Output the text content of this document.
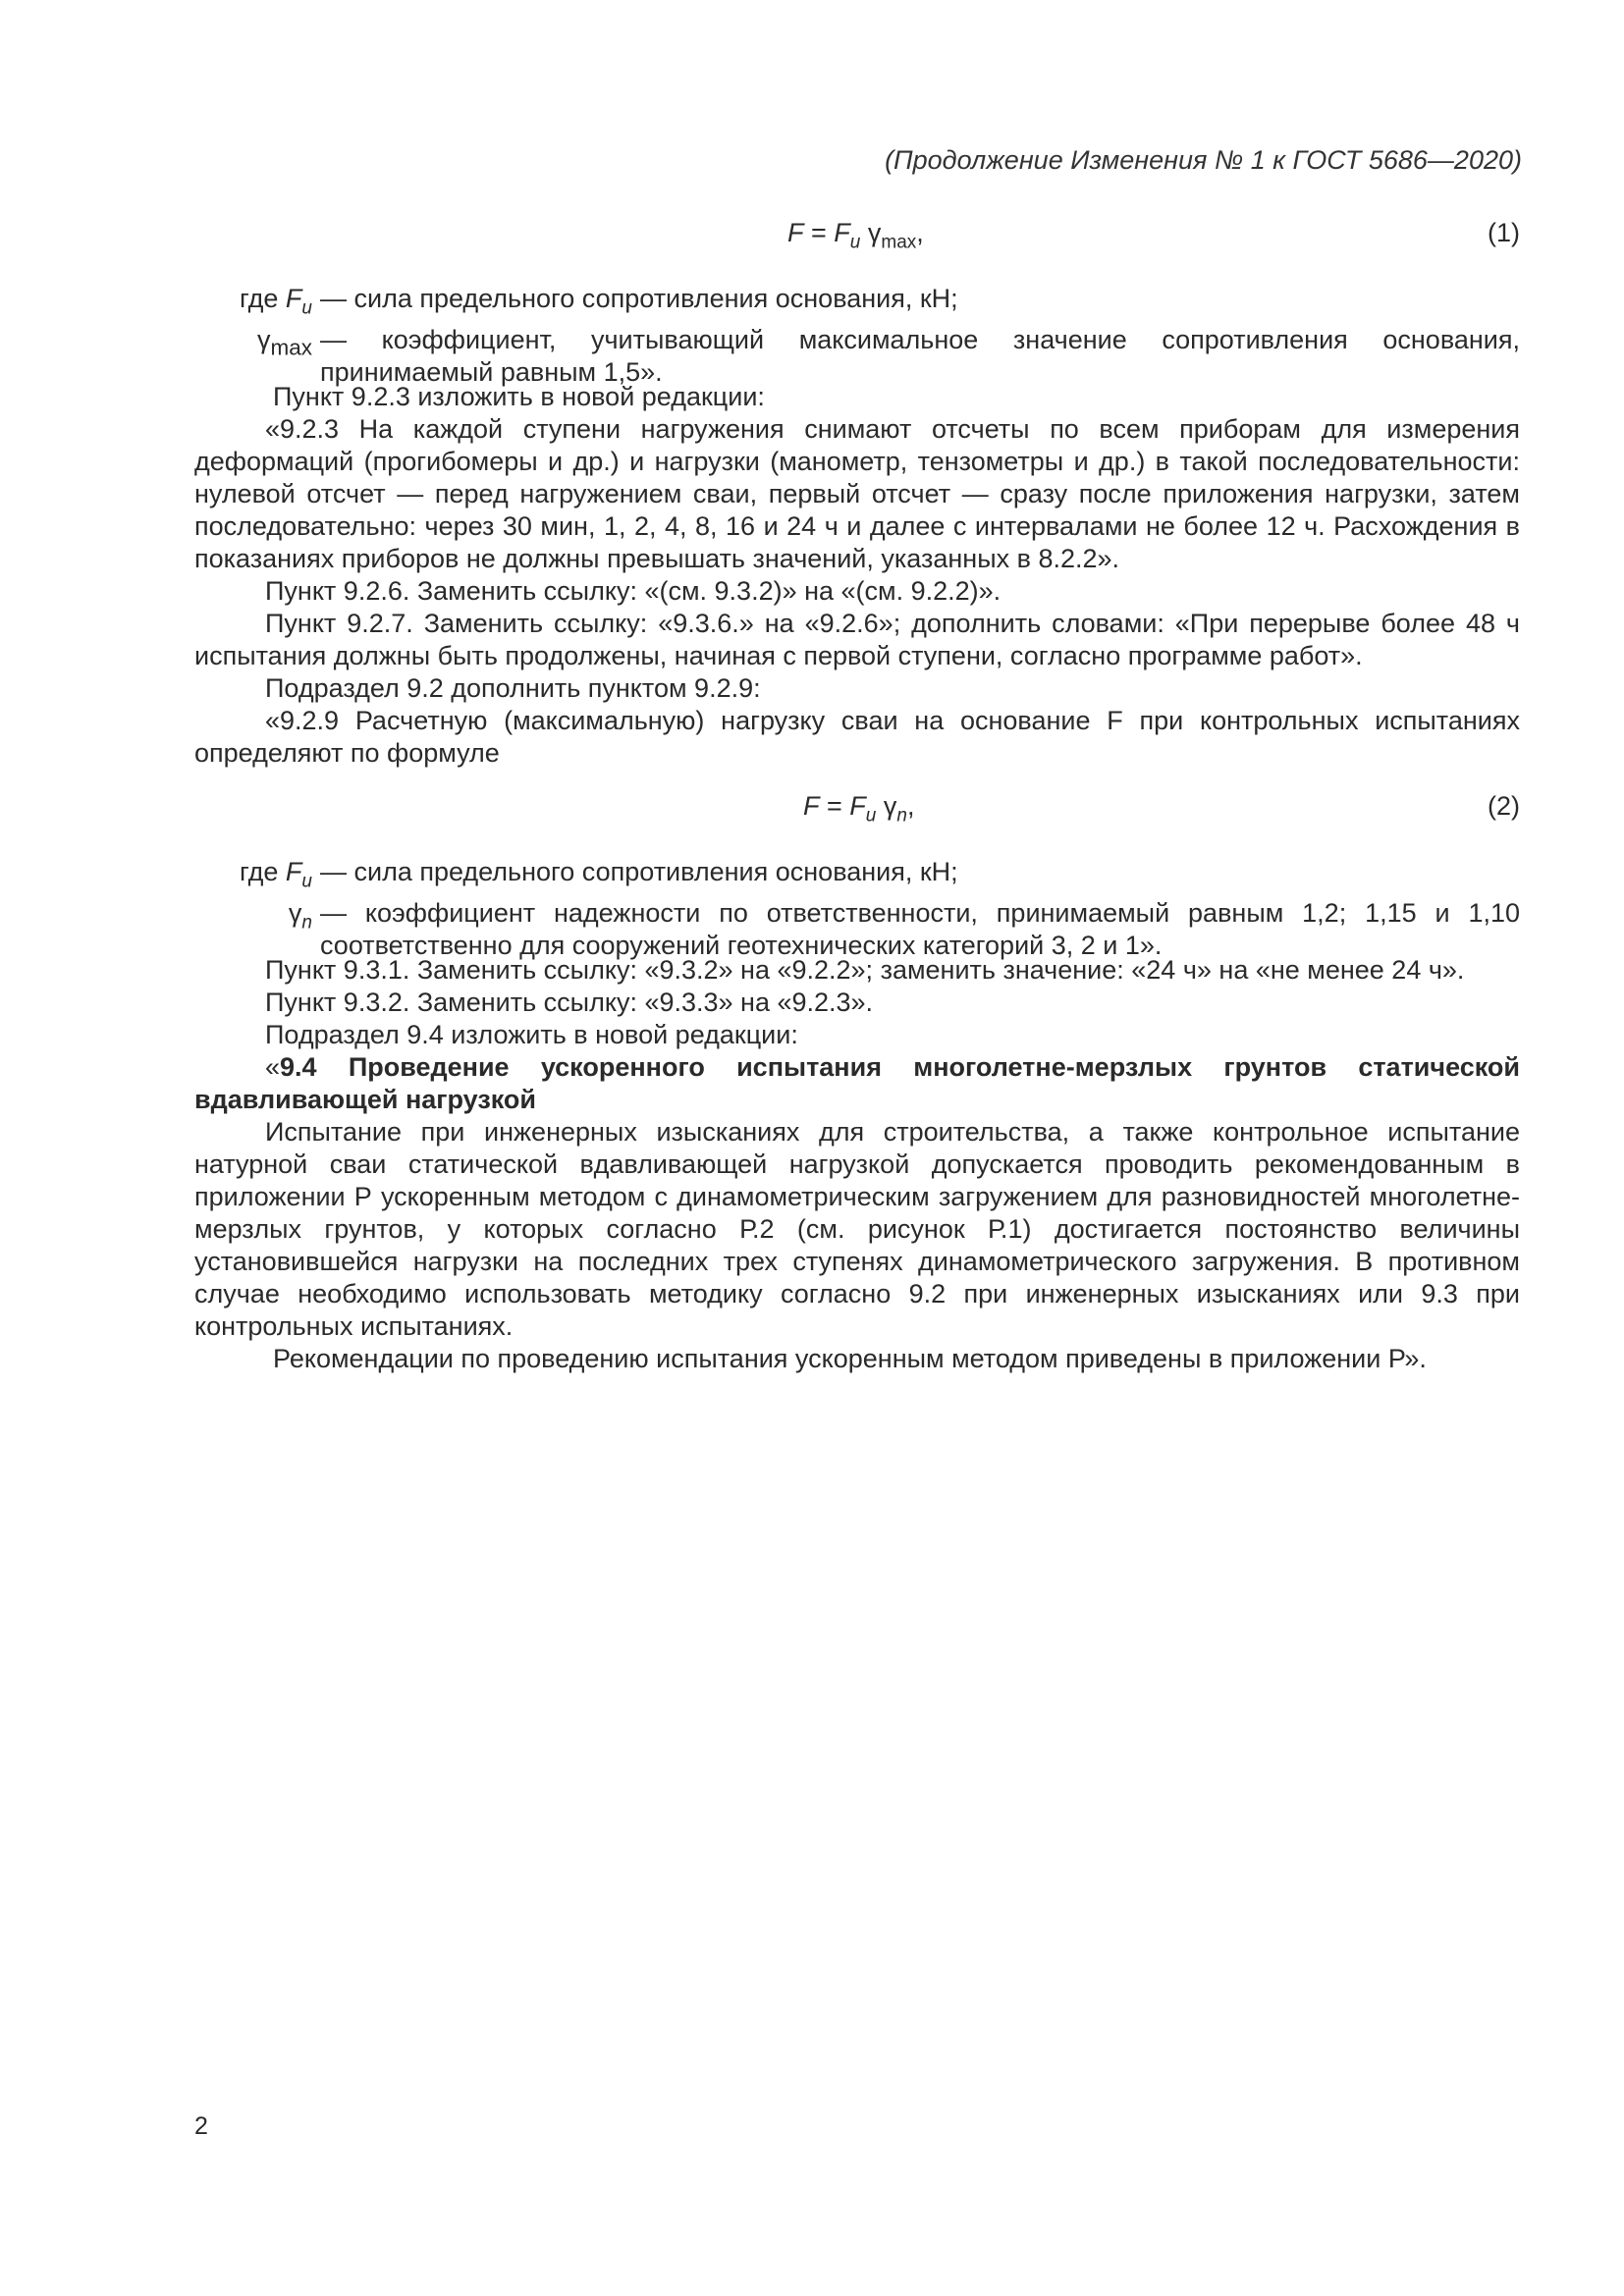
(Продолжение Изменения № 1 к ГОСТ 5686—2020)
$F = F_u$ $\gamma_{max}$,	(1)
где $F_u$ — сила предельного сопротивления основания, кН;
$\gamma_{max}$ — коэффициент, учитывающий максимальное значение сопротивления основания, принимаемый равным 1,5».

Пункт 9.2.3 изложить в новой редакции:

«9.2.3 На каждой ступени нагружения снимают отсчеты по всем приборам для измерения деформаций (прогибомеры и др.) и нагрузки (манометр, тензометры и др.) в такой последовательности: нулевой отсчет — перед нагружением сваи, первый отсчет — сразу после приложения нагрузки, затем последовательно: через 30 мин, 1, 2, 4, 8, 16 и 24 ч и далее с интервалами не более 12 ч. Расхождения в показаниях приборов не должны превышать значений, указанных в 8.2.2».

Пункт 9.2.6. Заменить ссылку: «(см. 9.3.2)» на «(см. 9.2.2)».

Пункт 9.2.7. Заменить ссылку: «9.3.6.» на «9.2.6»; дополнить словами: «При перерыве более 48 ч испытания должны быть продолжены, начиная с первой ступени, согласно программе работ».

Подраздел 9.2 дополнить пунктом 9.2.9:

«9.2.9 Расчетную (максимальную) нагрузку сваи на основание F при контрольных испытаниях определяют по формуле

$F = F_u$ $\gamma_n$,	(2)
где $F_u$ — сила предельного сопротивления основания, кН;
$\gamma_n$ — коэффициент надежности по ответственности, принимаемый равным 1,2; 1,15 и 1,10 соответственно для сооружений геотехнических категорий 3, 2 и 1».

Пункт 9.3.1. Заменить ссылку: «9.3.2» на «9.2.2»; заменить значение: «24 ч» на «не менее 24 ч».

Пункт 9.3.2. Заменить ссылку: «9.3.3» на «9.2.3».

Подраздел 9.4 изложить в новой редакции:

«9.4 Проведение ускоренного испытания многолетне-мерзлых грунтов статической вдавливающей нагрузкой

Испытание при инженерных изысканиях для строительства, а также контрольное испытание натурной сваи статической вдавливающей нагрузкой допускается проводить рекомендованным в приложении Р ускоренным методом с динамометрическим загружением для разновидностей многолетне-мерзлых грунтов, у которых согласно Р.2 (см. рисунок Р.1) достигается постоянство величины установившейся нагрузки на последних трех ступенях динамометрического загружения. В противном случае необходимо использовать методику согласно 9.2 при инженерных изысканиях или 9.3 при контрольных испытаниях.

Рекомендации по проведению испытания ускоренным методом приведены в приложении Р».

2
